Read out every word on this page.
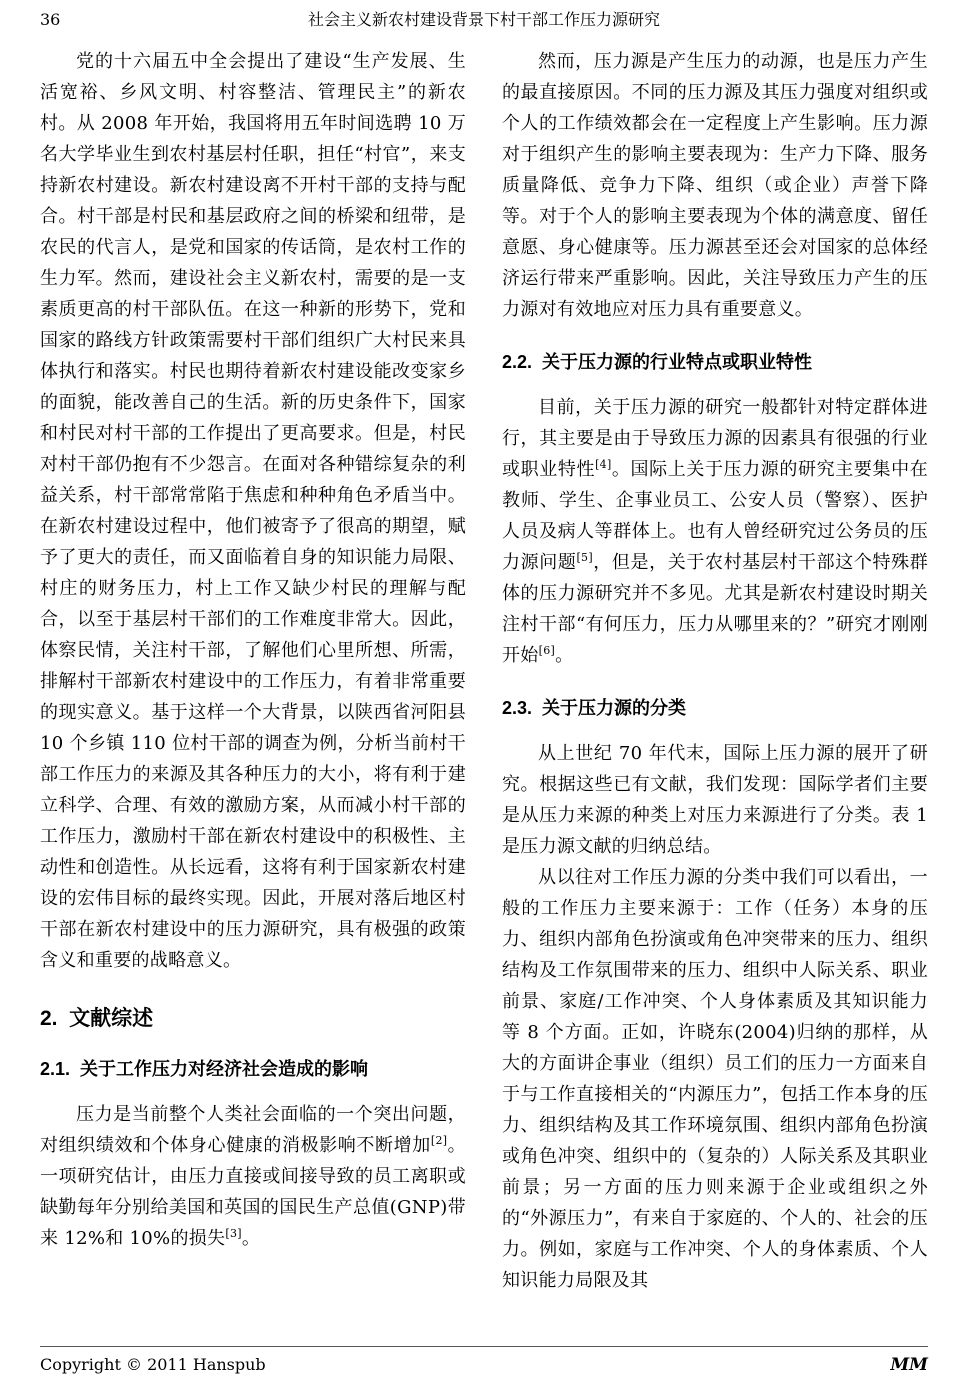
36	社会主义新农村建设背景下村干部工作压力源研究

党的十六届五中全会提出了建设“生产发展、生活宽裕、乡风文明、村容整洁、管理民主”的新农村。从 2008 年开始，我国将用五年时间选聘 10 万名大学毕业生到农村基层村任职，担任“村官”，来支持新农村建设。新农村建设离不开村干部的支持与配合。村干部是村民和基层政府之间的桥梁和纽带，是农民的代言人，是党和国家的传话筒，是农村工作的生力军。然而，建设社会主义新农村，需要的是一支素质更高的村干部队伍。在这一种新的形势下，党和国家的路线方针政策需要村干部们组织广大村民来具体执行和落实。村民也期待着新农村建设能改变家乡的面貌，能改善自己的生活。新的历史条件下，国家和村民对村干部的工作提出了更高要求。但是，村民对村干部仍抱有不少怨言。在面对各种错综复杂的利益关系，村干部常常陷于焦虑和种种角色矛盾当中。在新农村建设过程中，他们被寄予了很高的期望，赋予了更大的责任，而又面临着自身的知识能力局限、村庄的财务压力，村上工作又缺少村民的理解与配合，以至于基层村干部们的工作难度非常大。因此，体察民情，关注村干部，了解他们心里所想、所需，排解村干部新农村建设中的工作压力，有着非常重要的现实意义。基于这样一个大背景，以陕西省河阳县 10 个乡镇 110 位村干部的调查为例，分析当前村干部工作压力的来源及其各种压力的大小，将有利于建立科学、合理、有效的激励方案，从而减小村干部的工作压力，激励村干部在新农村建设中的积极性、主动性和创造性。从长远看，这将有利于国家新农村建设的宏伟目标的最终实现。因此，开展对落后地区村干部在新农村建设中的压力源研究，具有极强的政策含义和重要的战略意义。

2.  文献综述
2.1.  关于工作压力对经济社会造成的影响

压力是当前整个人类社会面临的一个突出问题，对组织绩效和个体身心健康的消极影响不断增加[2]。一项研究估计，由压力直接或间接导致的员工离职或缺勤每年分别给美国和英国的国民生产总值(GNP)带来 12%和 10%的损失[3]。

然而，压力源是产生压力的动源，也是压力产生的最直接原因。不同的压力源及其压力强度对组织或个人的工作绩效都会在一定程度上产生影响。压力源对于组织产生的影响主要表现为：生产力下降、服务质量降低、竞争力下降、组织（或企业）声誉下降等。对于个人的影响主要表现为个体的满意度、留任意愿、身心健康等。压力源甚至还会对国家的总体经济运行带来严重影响。因此，关注导致压力产生的压力源对有效地应对压力具有重要意义。

2.2.  关于压力源的行业特点或职业特性

目前，关于压力源的研究一般都针对特定群体进行，其主要是由于导致压力源的因素具有很强的行业或职业特性[4]。国际上关于压力源的研究主要集中在教师、学生、企事业员工、公安人员（警察）、医护人员及病人等群体上。也有人曾经研究过公务员的压力源问题[5]，但是，关于农村基层村干部这个特殊群体的压力源研究并不多见。尤其是新农村建设时期关注村干部“有何压力，压力从哪里来的？”研究才刚刚开始[6]。

2.3.  关于压力源的分类

从上世纪 70 年代末，国际上压力源的展开了研究。根据这些已有文献，我们发现：国际学者们主要是从压力来源的种类上对压力来源进行了分类。表 1 是压力源文献的归纳总结。

从以往对工作压力源的分类中我们可以看出，一般的工作压力主要来源于：工作（任务）本身的压力、组织内部角色扮演或角色冲突带来的压力、组织结构及工作氛围带来的压力、组织中人际关系、职业前景、家庭/工作冲突、个人身体素质及其知识能力等 8 个方面。正如，许晓东(2004)归纳的那样，从大的方面讲企事业（组织）员工们的压力一方面来自于与工作直接相关的“内源压力”，包括工作本身的压力、组织结构及其工作环境氛围、组织内部角色扮演或角色冲突、组织中的（复杂的）人际关系及其职业前景；另一方面的压力则来源于企业或组织之外的“外源压力”，有来自于家庭的、个人的、社会的压力。例如，家庭与工作冲突、个人的身体素质、个人知识能力局限及其

Copyright © 2011 Hanspub	MM
